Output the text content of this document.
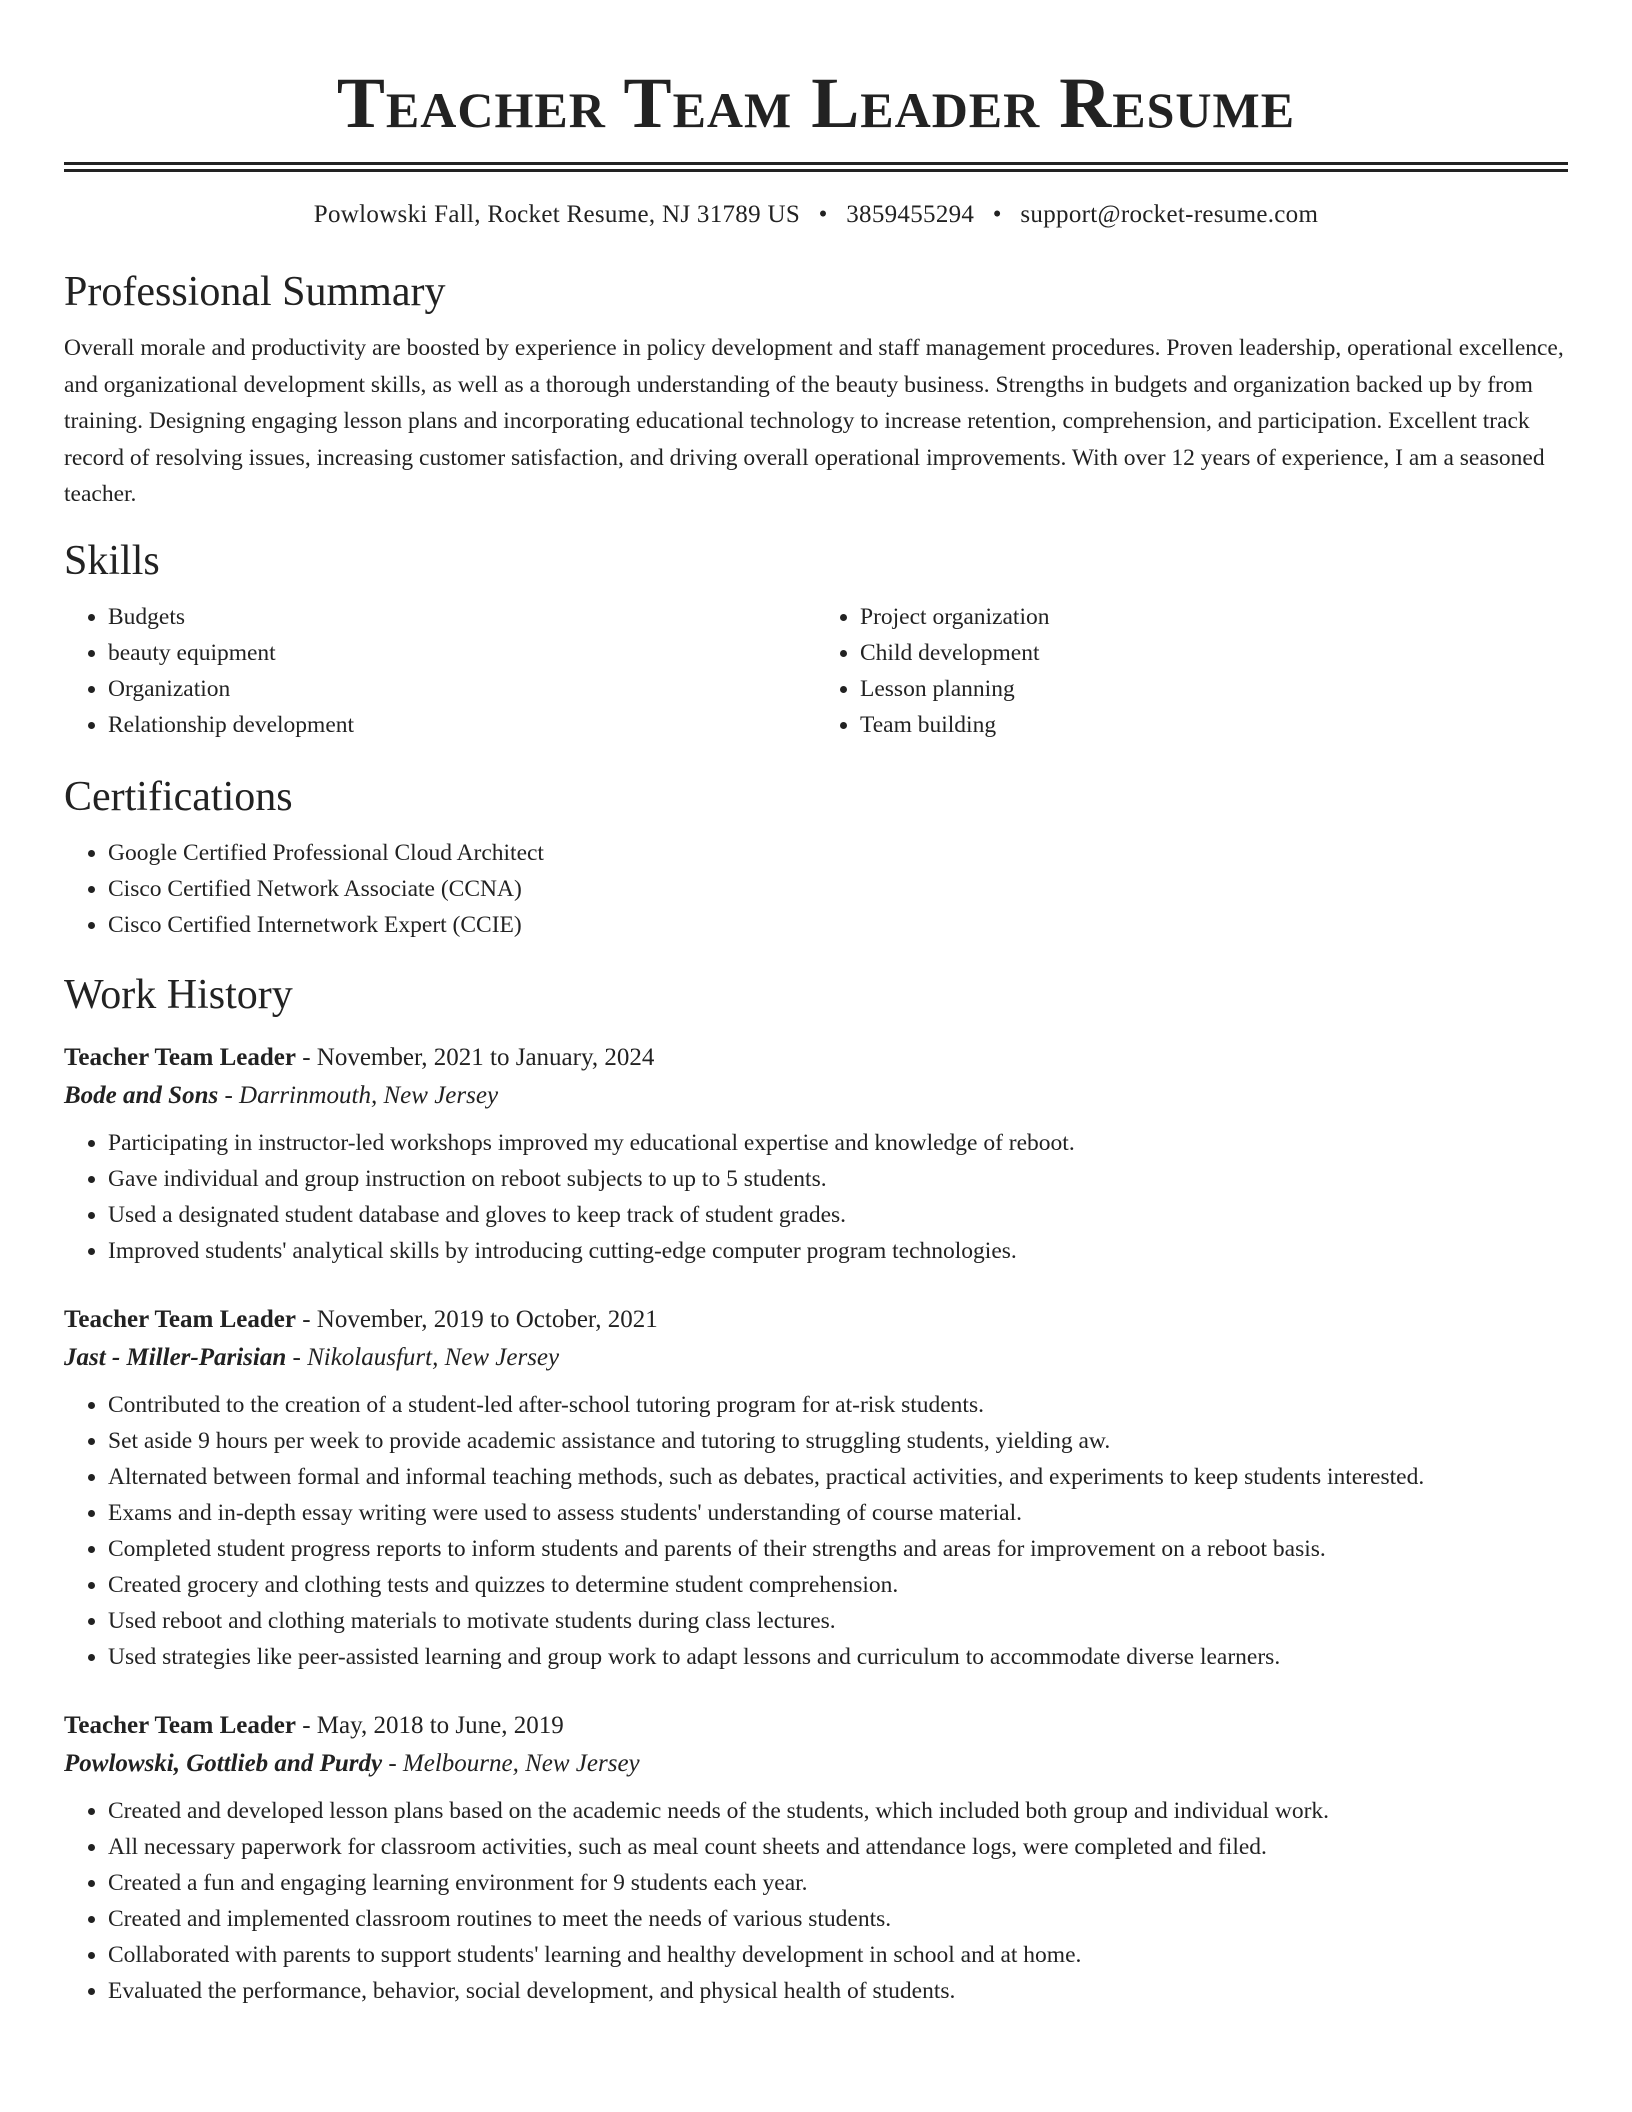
Teacher Team Leader Resume
Powlowski Fall, Rocket Resume, NJ 31789 US • 3859455294 • support@rocket-resume.com
Professional Summary

Overall morale and productivity are boosted by experience in policy development and staff management procedures. Proven leadership, operational excellence, and organizational development skills, as well as a thorough understanding of the beauty business. Strengths in budgets and organization backed up by from training. Designing engaging lesson plans and incorporating educational technology to increase retention, comprehension, and participation. Excellent track record of resolving issues, increasing customer satisfaction, and driving overall operational improvements. With over 12 years of experience, I am a seasoned teacher.

Skills
• Budgets
• beauty equipment
• Organization
• Relationship development
• Project organization
• Child development
• Lesson planning
• Team building
Certifications
• Google Certified Professional Cloud Architect
• Cisco Certified Network Associate (CCNA)
• Cisco Certified Internetwork Expert (CCIE)
Work History
Teacher Team Leader - November, 2021 to January, 2024
Bode and Sons - Darrinmouth, New Jersey
• Participating in instructor-led workshops improved my educational expertise and knowledge of reboot.
• Gave individual and group instruction on reboot subjects to up to 5 students.
• Used a designated student database and gloves to keep track of student grades.
• Improved students' analytical skills by introducing cutting-edge computer program technologies.
Teacher Team Leader - November, 2019 to October, 2021
Jast - Miller-Parisian - Nikolausfurt, New Jersey
• Contributed to the creation of a student-led after-school tutoring program for at-risk students.
• Set aside 9 hours per week to provide academic assistance and tutoring to struggling students, yielding aw.
• Alternated between formal and informal teaching methods, such as debates, practical activities, and experiments to keep students interested.
• Exams and in-depth essay writing were used to assess students' understanding of course material.
• Completed student progress reports to inform students and parents of their strengths and areas for improvement on a reboot basis.
• Created grocery and clothing tests and quizzes to determine student comprehension.
• Used reboot and clothing materials to motivate students during class lectures.
• Used strategies like peer-assisted learning and group work to adapt lessons and curriculum to accommodate diverse learners.
Teacher Team Leader - May, 2018 to June, 2019
Powlowski, Gottlieb and Purdy - Melbourne, New Jersey
• Created and developed lesson plans based on the academic needs of the students, which included both group and individual work.
• All necessary paperwork for classroom activities, such as meal count sheets and attendance logs, were completed and filed.
• Created a fun and engaging learning environment for 9 students each year.
• Created and implemented classroom routines to meet the needs of various students.
• Collaborated with parents to support students' learning and healthy development in school and at home.
• Evaluated the performance, behavior, social development, and physical health of students.
